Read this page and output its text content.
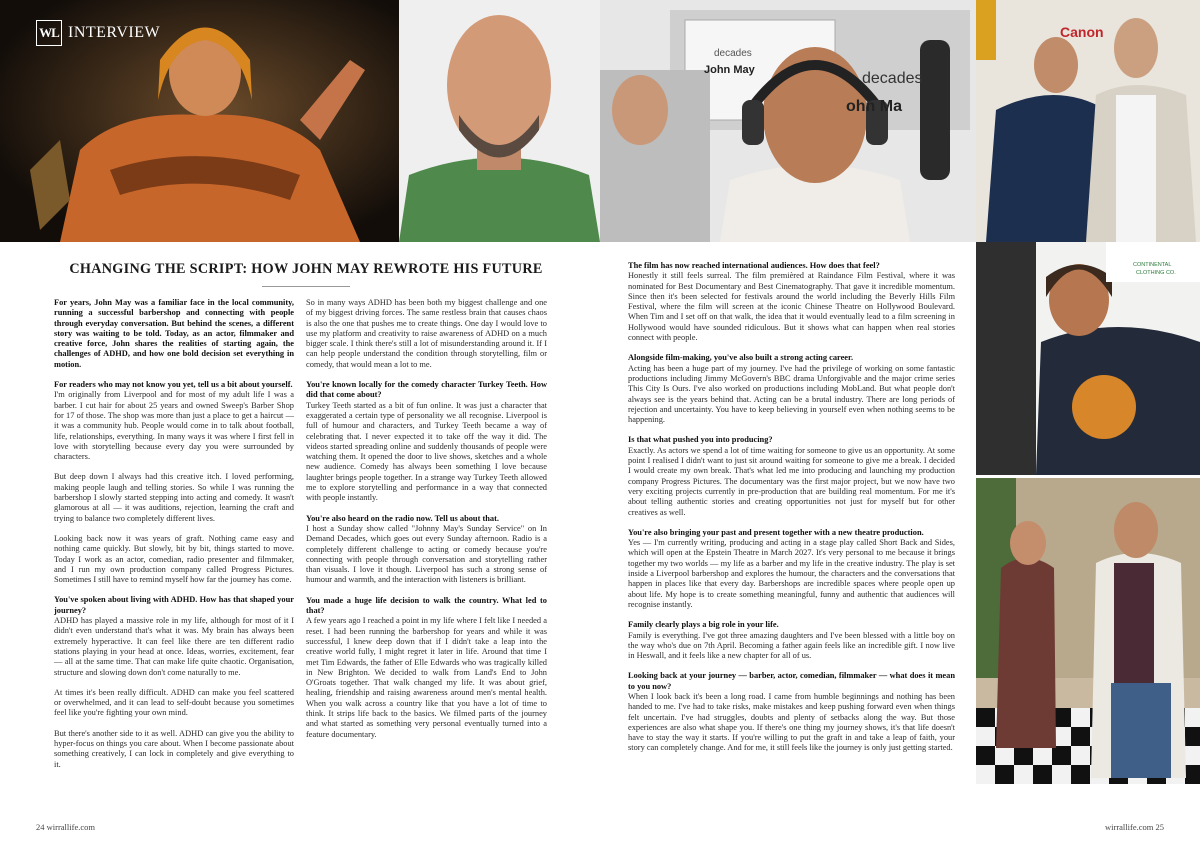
decades
John May	decades
ohn Ma
Canon
CONTINENTAL
CLOTHING CO.
WL INTERVIEW
CHANGING THE SCRIPT: HOW JOHN MAY REWROTE HIS FUTURE

For years, John May was a familiar face in the local community, running a successful barbershop and connecting with people through everyday conversation. But behind the scenes, a different story was waiting to be told. Today, as an actor, filmmaker and creative force, John shares the realities of starting again, the challenges of ADHD, and how one bold decision set everything in motion.

For readers who may not know you yet, tell us a bit about yourself.

I'm originally from Liverpool and for most of my adult life I was a barber. I cut hair for about 25 years and owned Sweep's Barber Shop for 17 of those. The shop was more than just a place to get a haircut — it was a community hub. People would come in to talk about football, life, relationships, everything. In many ways it was where I first fell in love with storytelling because every day you were surrounded by characters.

But deep down I always had this creative itch. I loved performing, making people laugh and telling stories. So while I was running the barbershop I slowly started stepping into acting and comedy. It wasn't glamorous at all — it was auditions, rejection, learning the craft and trying to balance two completely different lives.

Looking back now it was years of graft. Nothing came easy and nothing came quickly. But slowly, bit by bit, things started to move. Today I work as an actor, comedian, radio presenter and filmmaker, and I run my own production company called Progress Pictures. Sometimes I still have to remind myself how far the journey has come.

You've spoken about living with ADHD. How has that shaped your journey?

ADHD has played a massive role in my life, although for most of it I didn't even understand that's what it was. My brain has always been extremely hyperactive. It can feel like there are ten different radio stations playing in your head at once. Ideas, worries, excitement, fear — all at the same time. That can make life quite chaotic. Organisation, structure and slowing down don't come naturally to me.

At times it's been really difficult. ADHD can make you feel scattered or overwhelmed, and it can lead to self-doubt because you sometimes feel like you're fighting your own mind.

But there's another side to it as well. ADHD can give you the ability to hyper-focus on things you care about. When I become passionate about something creatively, I can lock in completely and give everything to it.

So in many ways ADHD has been both my biggest challenge and one of my biggest driving forces. The same restless brain that causes chaos is also the one that pushes me to create things. One day I would love to use my platform and creativity to raise awareness of ADHD on a much bigger scale. I think there's still a lot of misunderstanding around it. If I can help people understand the condition through storytelling, film or comedy, that would mean a lot to me.

You're known locally for the comedy character Turkey Teeth. How did that come about?

Turkey Teeth started as a bit of fun online. It was just a character that exaggerated a certain type of personality we all recognise. Liverpool is full of humour and characters, and Turkey Teeth became a way of celebrating that. I never expected it to take off the way it did. The videos started spreading online and suddenly thousands of people were watching them. It opened the door to live shows, sketches and a whole new audience. Comedy has always been something I love because laughter brings people together. In a strange way Turkey Teeth allowed me to explore storytelling and performance in a way that connected with people instantly.

You're also heard on the radio now. Tell us about that.

I host a Sunday show called "Johnny May's Sunday Service" on In Demand Decades, which goes out every Sunday afternoon. Radio is a completely different challenge to acting or comedy because you're connecting with people through conversation and storytelling rather than visuals. I love it though. Liverpool has such a strong sense of humour and warmth, and the interaction with listeners is brilliant.

You made a huge life decision to walk the country. What led to that?

A few years ago I reached a point in my life where I felt like I needed a reset. I had been running the barbershop for years and while it was successful, I knew deep down that if I didn't take a leap into the creative world fully, I might regret it later in life. Around that time I met Tim Edwards, the father of Elle Edwards who was tragically killed in New Brighton. We decided to walk from Land's End to John O'Groats together. That walk changed my life. It was about grief, healing, friendship and raising awareness around men's mental health. When you walk across a country like that you have a lot of time to think. It strips life back to the basics. We filmed parts of the journey and what started as something very personal eventually turned into a feature documentary.

The film has now reached international audiences. How does that feel?

Honestly it still feels surreal. The film premièred at Raindance Film Festival, where it was nominated for Best Documentary and Best Cinematography. That gave it incredible momentum. Since then it's been selected for festivals around the world including the Beverly Hills Film Festival, where the film will screen at the iconic Chinese Theatre on Hollywood Boulevard. When Tim and I set off on that walk, the idea that it would eventually lead to a film screening in Hollywood would have sounded ridiculous. But it shows what can happen when real stories connect with people.

Alongside film-making, you've also built a strong acting career.

Acting has been a huge part of my journey. I've had the privilege of working on some fantastic productions including Jimmy McGovern's BBC drama Unforgivable and the major crime series This City Is Ours. I've also worked on productions including MobLand. But what people don't always see is the years behind that. Acting can be a brutal industry. There are long periods of rejection and uncertainty. You have to keep believing in yourself even when nothing seems to be happening.

Is that what pushed you into producing?

Exactly. As actors we spend a lot of time waiting for someone to give us an opportunity. At some point I realised I didn't want to just sit around waiting for someone to give me a break. I decided I would create my own break. That's what led me into producing and launching my production company Progress Pictures. The documentary was the first major project, but we now have two very exciting projects currently in pre-production that are building real momentum. For me it's about telling authentic stories and creating opportunities not just for myself but for other creatives as well.

You're also bringing your past and present together with a new theatre production.

Yes — I'm currently writing, producing and acting in a stage play called Short Back and Sides, which will open at the Epstein Theatre in March 2027. It's very personal to me because it brings together my two worlds — my life as a barber and my life in the creative industry. The play is set inside a Liverpool barbershop and explores the humour, the characters and the conversations that happen in places like that every day. Barbershops are incredible spaces where people open up about life. My hope is to create something meaningful, funny and authentic that audiences will recognise instantly.

Family clearly plays a big role in your life.

Family is everything. I've got three amazing daughters and I've been blessed with a little boy on the way who's due on 7th April. Becoming a father again feels like an incredible gift. I now live in Heswall, and it feels like a new chapter for all of us.

Looking back at your journey — barber, actor, comedian, filmmaker — what does it mean to you now?

When I look back it's been a long road. I came from humble beginnings and nothing has been handed to me. I've had to take risks, make mistakes and keep pushing forward even when things felt uncertain. I've had struggles, doubts and plenty of setbacks along the way. But those experiences are also what shape you. If there's one thing my journey shows, it's that life doesn't have to stay the way it starts. If you're willing to put the graft in and take a leap of faith, your story can completely change. And for me, it still feels like the journey is only just getting started.

24 wirrallife.com	wirrallife.com 25
